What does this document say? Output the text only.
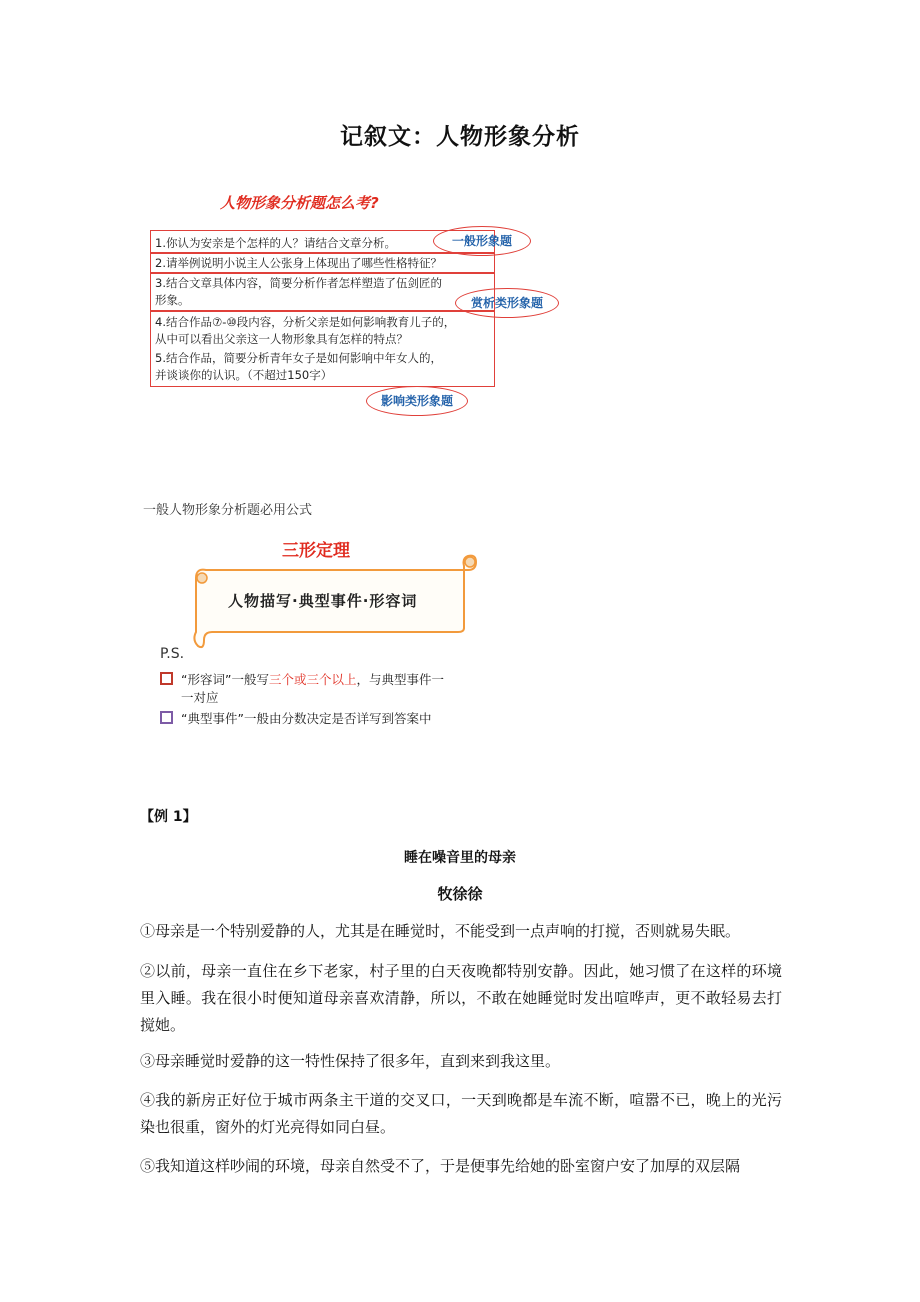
记叙文：人物形象分析
人物形象分析题怎么考?
1.你认为安亲是个怎样的人？请结合文章分析。
2.请举例说明小说主人公张身上体现出了哪些性格特征？
3.结合文章具体内容，简要分析作者怎样塑造了伍剑匠的
形象。
4.结合作品⑦-⑩段内容，分析父亲是如何影响教育儿子的，
从中可以看出父亲这一人物形象具有怎样的特点？
5.结合作品，简要分析青年女子是如何影响中年女人的，
并谈谈你的认识。（不超过150字）
一般形象题
赏析类形象题
影响类形象题
一般人物形象分析题必用公式
三形定理
人物描写·典型事件·形容词
P.S.
“形容词”一般写三个或三个以上，与典型事件一
一对应
“典型事件”一般由分数决定是否详写到答案中
【例 1】
睡在噪音里的母亲
牧徐徐
①母亲是一个特别爱静的人，尤其是在睡觉时，不能受到一点声响的打搅，否则就易失眠。
②以前，母亲一直住在乡下老家，村子里的白天夜晚都特别安静。因此，她习惯了在这样的环境里入睡。我在很小时便知道母亲喜欢清静，所以，不敢在她睡觉时发出喧哗声，更不敢轻易去打搅她。
③母亲睡觉时爱静的这一特性保持了很多年，直到来到我这里。
④我的新房正好位于城市两条主干道的交叉口，一天到晚都是车流不断，喧嚣不已，晚上的光污染也很重，窗外的灯光亮得如同白昼。
⑤我知道这样吵闹的环境，母亲自然受不了，于是便事先给她的卧室窗户安了加厚的双层隔
